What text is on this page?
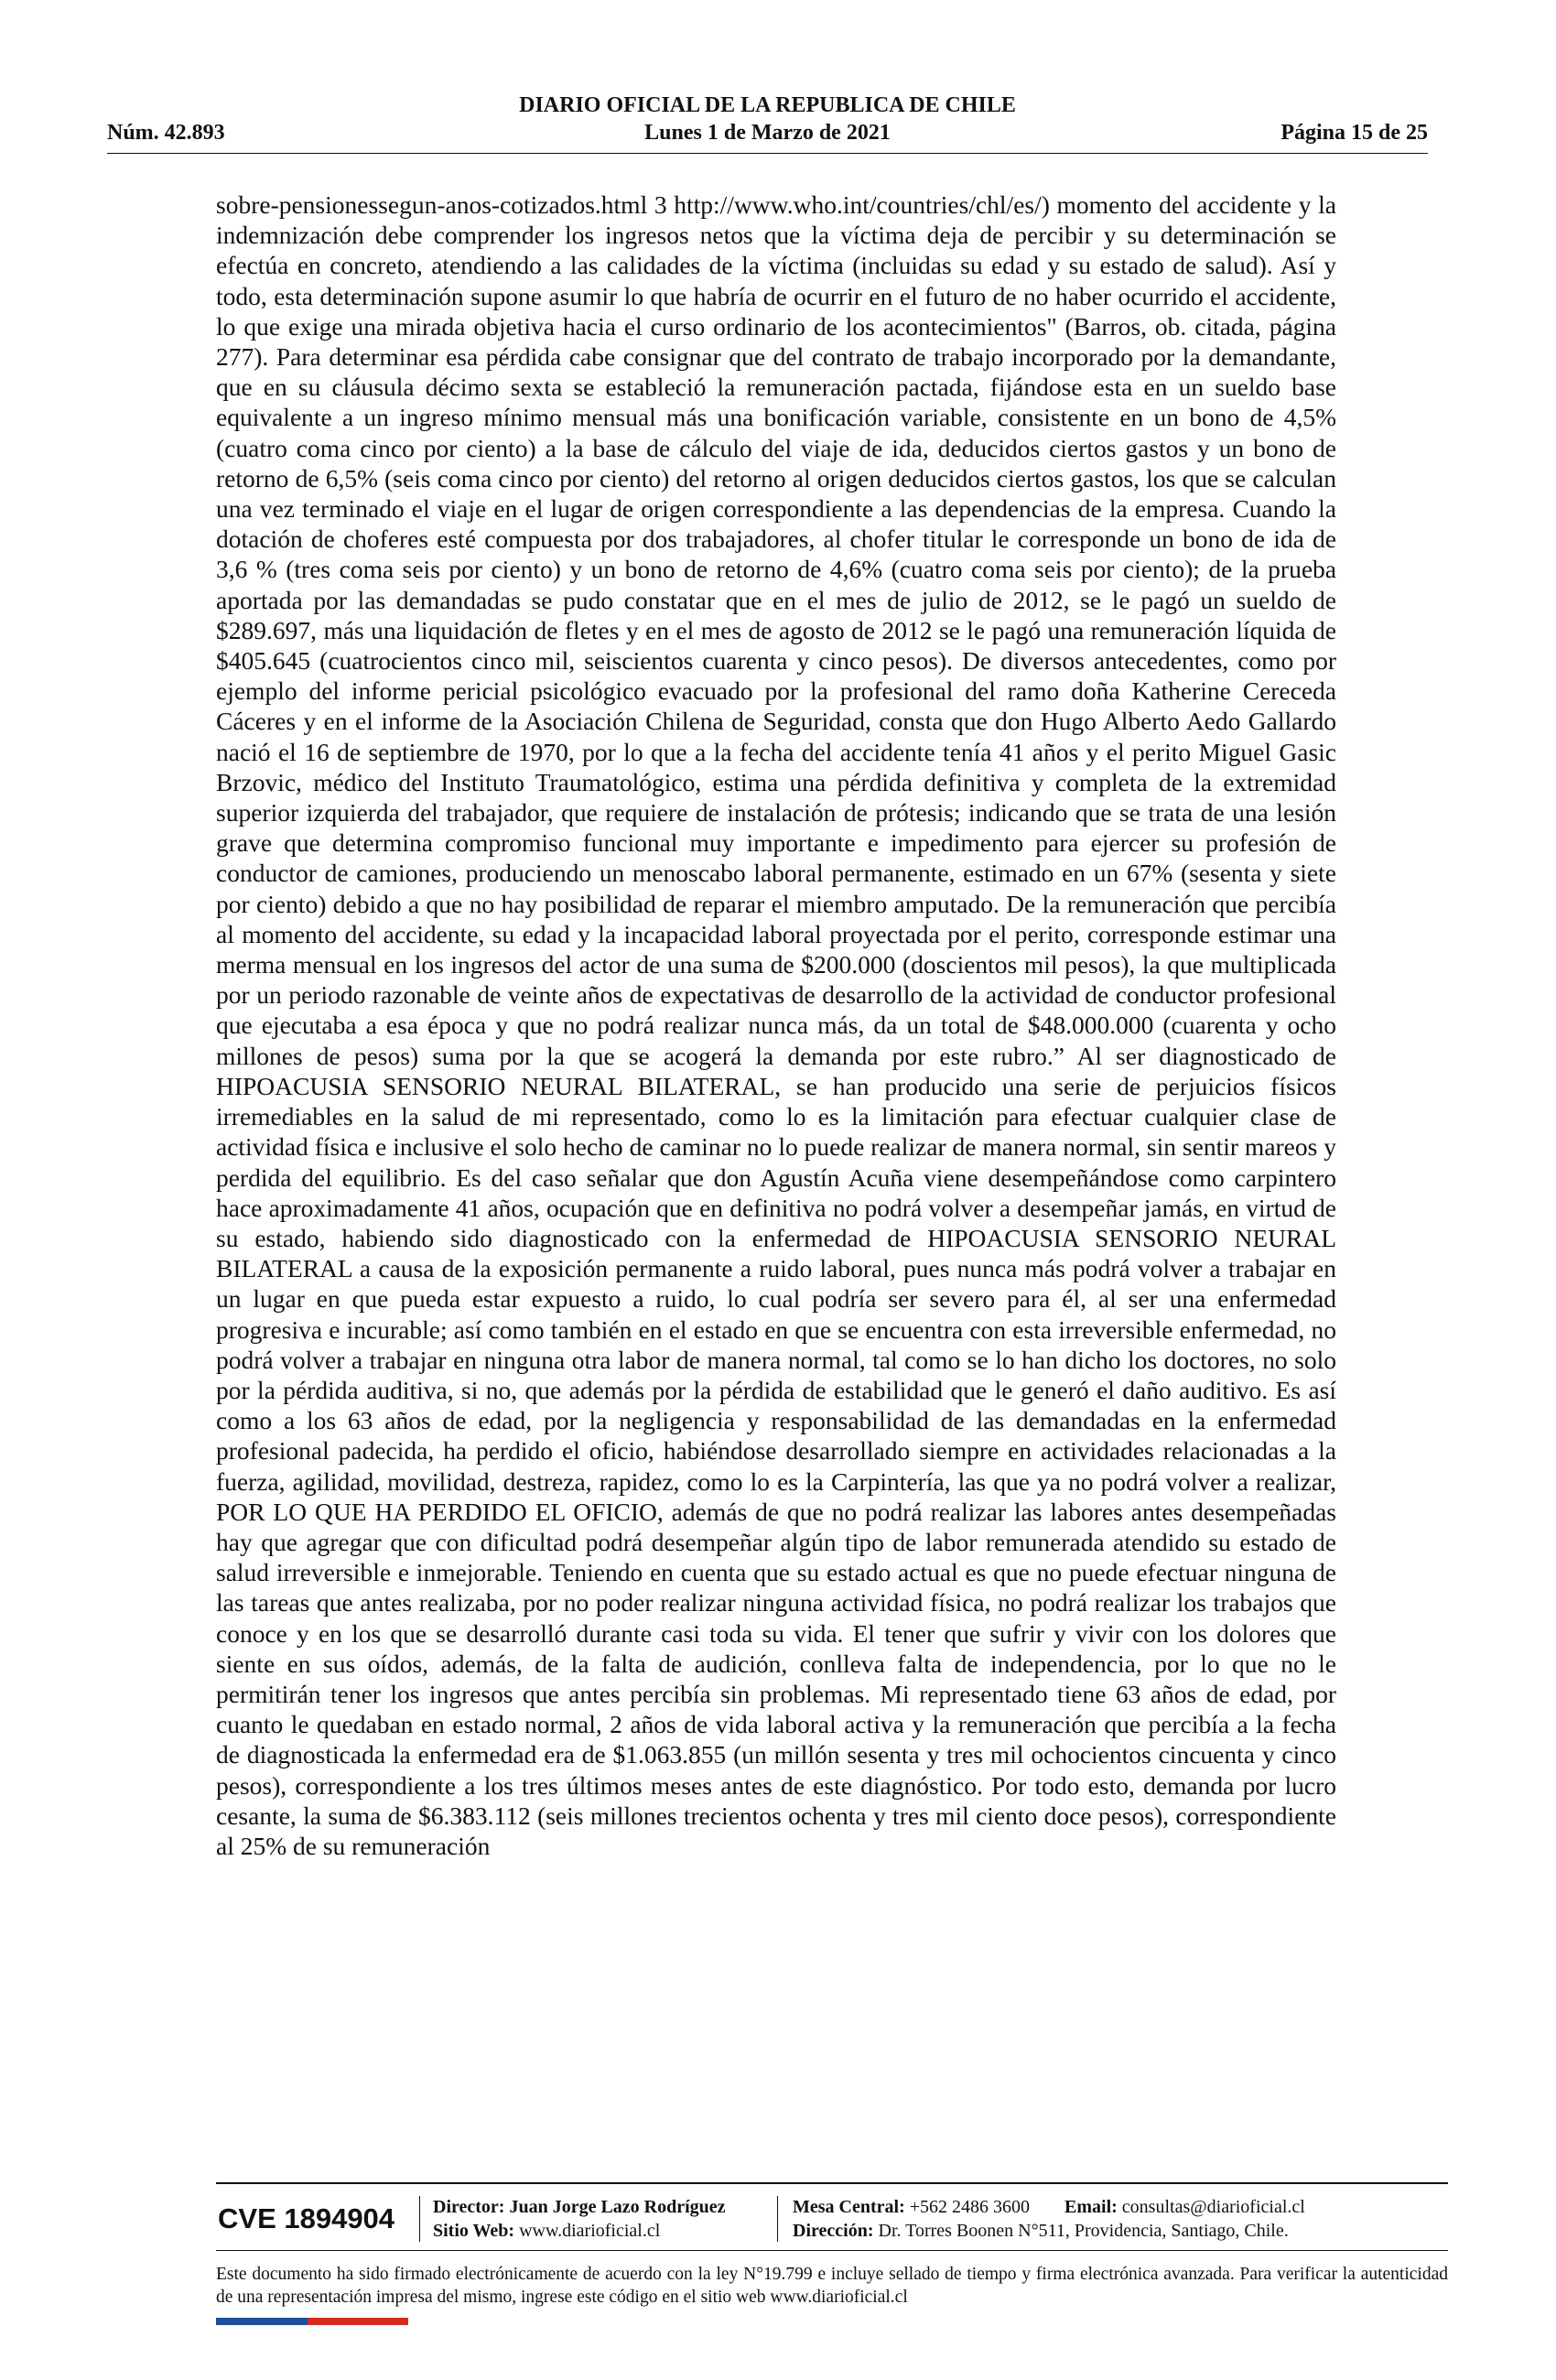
DIARIO OFICIAL DE LA REPUBLICA DE CHILE
Núm. 42.893	Lunes 1 de Marzo de 2021	Página 15 de 25

sobre-pensionessegun-anos-cotizados.html 3 http://www.who.int/countries/chl/es/) momento del accidente y la indemnización debe comprender los ingresos netos que la víctima deja de percibir y su determinación se efectúa en concreto, atendiendo a las calidades de la víctima (incluidas su edad y su estado de salud). Así y todo, esta determinación supone asumir lo que habría de ocurrir en el futuro de no haber ocurrido el accidente, lo que exige una mirada objetiva hacia el curso ordinario de los acontecimientos" (Barros, ob. citada, página 277). Para determinar esa pérdida cabe consignar que del contrato de trabajo incorporado por la demandante, que en su cláusula décimo sexta se estableció la remuneración pactada, fijándose esta en un sueldo base equivalente a un ingreso mínimo mensual más una bonificación variable, consistente en un bono de 4,5% (cuatro coma cinco por ciento) a la base de cálculo del viaje de ida, deducidos ciertos gastos y un bono de retorno de 6,5% (seis coma cinco por ciento) del retorno al origen deducidos ciertos gastos, los que se calculan una vez terminado el viaje en el lugar de origen correspondiente a las dependencias de la empresa. Cuando la dotación de choferes esté compuesta por dos trabajadores, al chofer titular le corresponde un bono de ida de 3,6 % (tres coma seis por ciento) y un bono de retorno de 4,6% (cuatro coma seis por ciento); de la prueba aportada por las demandadas se pudo constatar que en el mes de julio de 2012, se le pagó un sueldo de $289.697, más una liquidación de fletes y en el mes de agosto de 2012 se le pagó una remuneración líquida de $405.645 (cuatrocientos cinco mil, seiscientos cuarenta y cinco pesos). De diversos antecedentes, como por ejemplo del informe pericial psicológico evacuado por la profesional del ramo doña Katherine Cereceda Cáceres y en el informe de la Asociación Chilena de Seguridad, consta que don Hugo Alberto Aedo Gallardo nació el 16 de septiembre de 1970, por lo que a la fecha del accidente tenía 41 años y el perito Miguel Gasic Brzovic, médico del Instituto Traumatológico, estima una pérdida definitiva y completa de la extremidad superior izquierda del trabajador, que requiere de instalación de prótesis; indicando que se trata de una lesión grave que determina compromiso funcional muy importante e impedimento para ejercer su profesión de conductor de camiones, produciendo un menoscabo laboral permanente, estimado en un 67% (sesenta y siete por ciento) debido a que no hay posibilidad de reparar el miembro amputado. De la remuneración que percibía al momento del accidente, su edad y la incapacidad laboral proyectada por el perito, corresponde estimar una merma mensual en los ingresos del actor de una suma de $200.000 (doscientos mil pesos), la que multiplicada por un periodo razonable de veinte años de expectativas de desarrollo de la actividad de conductor profesional que ejecutaba a esa época y que no podrá realizar nunca más, da un total de $48.000.000 (cuarenta y ocho millones de pesos) suma por la que se acogerá la demanda por este rubro.” Al ser diagnosticado de HIPOACUSIA SENSORIO NEURAL BILATERAL, se han producido una serie de perjuicios físicos irremediables en la salud de mi representado, como lo es la limitación para efectuar cualquier clase de actividad física e inclusive el solo hecho de caminar no lo puede realizar de manera normal, sin sentir mareos y perdida del equilibrio. Es del caso señalar que don Agustín Acuña viene desempeñándose como carpintero hace aproximadamente 41 años, ocupación que en definitiva no podrá volver a desempeñar jamás, en virtud de su estado, habiendo sido diagnosticado con la enfermedad de HIPOACUSIA SENSORIO NEURAL BILATERAL a causa de la exposición permanente a ruido laboral, pues nunca más podrá volver a trabajar en un lugar en que pueda estar expuesto a ruido, lo cual podría ser severo para él, al ser una enfermedad progresiva e incurable; así como también en el estado en que se encuentra con esta irreversible enfermedad, no podrá volver a trabajar en ninguna otra labor de manera normal, tal como se lo han dicho los doctores, no solo por la pérdida auditiva, si no, que además por la pérdida de estabilidad que le generó el daño auditivo. Es así como a los 63 años de edad, por la negligencia y responsabilidad de las demandadas en la enfermedad profesional padecida, ha perdido el oficio, habiéndose desarrollado siempre en actividades relacionadas a la fuerza, agilidad, movilidad, destreza, rapidez, como lo es la Carpintería, las que ya no podrá volver a realizar, POR LO QUE HA PERDIDO EL OFICIO, además de que no podrá realizar las labores antes desempeñadas hay que agregar que con dificultad podrá desempeñar algún tipo de labor remunerada atendido su estado de salud irreversible e inmejorable. Teniendo en cuenta que su estado actual es que no puede efectuar ninguna de las tareas que antes realizaba, por no poder realizar ninguna actividad física, no podrá realizar los trabajos que conoce y en los que se desarrolló durante casi toda su vida. El tener que sufrir y vivir con los dolores que siente en sus oídos, además, de la falta de audición, conlleva falta de independencia, por lo que no le permitirán tener los ingresos que antes percibía sin problemas. Mi representado tiene 63 años de edad, por cuanto le quedaban en estado normal, 2 años de vida laboral activa y la remuneración que percibía a la fecha de diagnosticada la enfermedad era de $1.063.855 (un millón sesenta y tres mil ochocientos cincuenta y cinco pesos), correspondiente a los tres últimos meses antes de este diagnóstico. Por todo esto, demanda por lucro cesante, la suma de $6.383.112 (seis millones trecientos ochenta y tres mil ciento doce pesos), correspondiente al 25% de su remuneración

CVE 1894904	Director: Juan Jorge Lazo Rodríguez
Sitio Web: www.diarioficial.cl
Mesa Central: +562 2486 3600 Email: consultas@diarioficial.cl
Dirección: Dr. Torres Boonen N°511, Providencia, Santiago, Chile.
Este documento ha sido firmado electrónicamente de acuerdo con la ley N°19.799 e incluye sellado de tiempo y firma electrónica avanzada. Para verificar la autenticidad de una representación impresa del mismo, ingrese este código en el sitio web www.diarioficial.cl
